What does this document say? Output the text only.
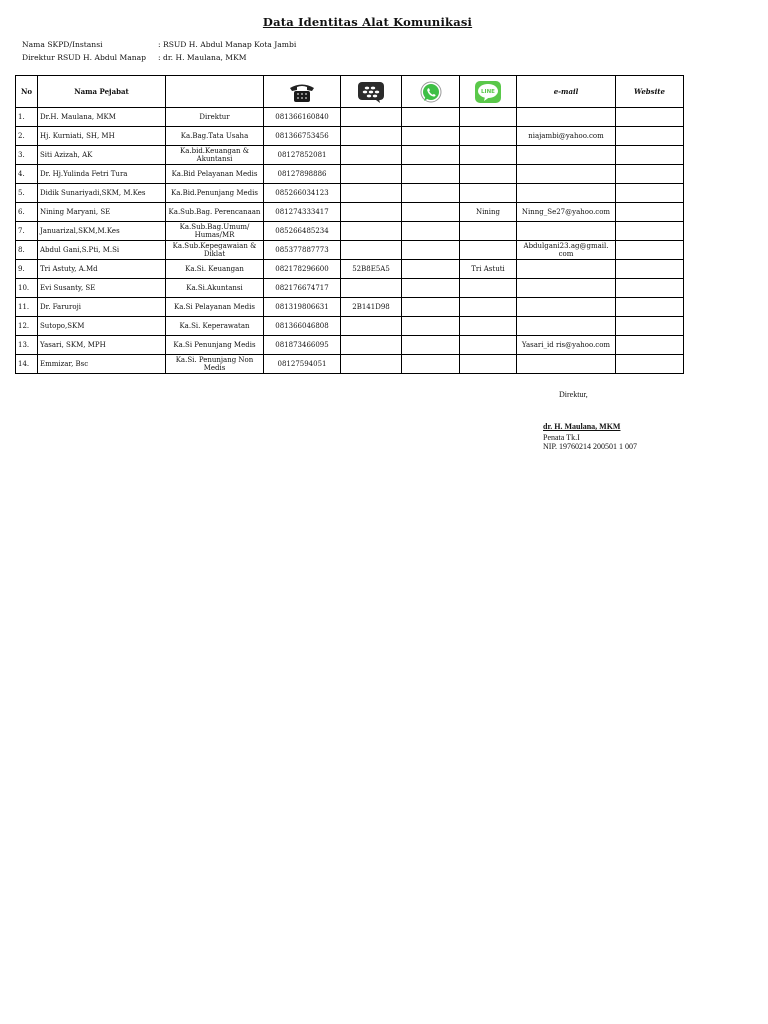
Data Identitas Alat Komunikasi
Nama SKPD/Instansi	: RSUD H. Abdul Manap Kota Jambi
Direktur RSUD H. Abdul Manap : dr. H. Maulana, MKM
No	Nama Pejabat					LINE	e-mail	Website
1.	Dr.H. Maulana, MKM	Direktur	081366160840					
2.	Hj. Kurniati, SH, MH	Ka.Bag.Tata Usaha	081366753456				niajambi@yahoo.com	
3.	Siti Azizah, AK	Ka.bid.Keuangan & Akuntansi	08127852081					
4.	Dr. Hj.Yulinda Fetri Tura	Ka.Bid Pelayanan Medis	08127898886					
5.	Didik Sunariyadi,SKM, M.Kes	Ka.Bid.Penunjang Medis	085266034123					
6.	Nining Maryani, SE	Ka.Sub.Bag. Perencanaan	081274333417			Nining	Ninng_Se27@yahoo.com	
7.	Januarizal,SKM,M.Kes	Ka.Sub.Bag.Umum/ Humas/MR	085266485234					
8.	Abdul Gani,S.Pti, M.Si	Ka.Sub.Kepegawaian & Diklat	085377887773				Abdulgani23.ag@gmail. com	
9.	Tri Astuty, A.Md	Ka.Si. Keuangan	082178296600	52B8E5A5		Tri Astuti		
10.	Evi Susanty, SE	Ka.Si.Akuntansi	082176674717					
11.	Dr. Faruroji	Ka.Si Pelayanan Medis	081319806631	2B141D98				
12.	Sutopo,SKM	Ka.Si. Keperawatan	081366046808					
13.	Yasari, SKM, MPH	Ka.Si Penunjang Medis	081873466095				Yasari_id ris@yahoo.com	
14.	Emmizar, Bsc	Ka.Si. Penunjang Non Medis	08127594051					
Direktur,
dr. H. Maulana, MKM
Penata Tk.I
NIP. 19760214 200501 1 007
